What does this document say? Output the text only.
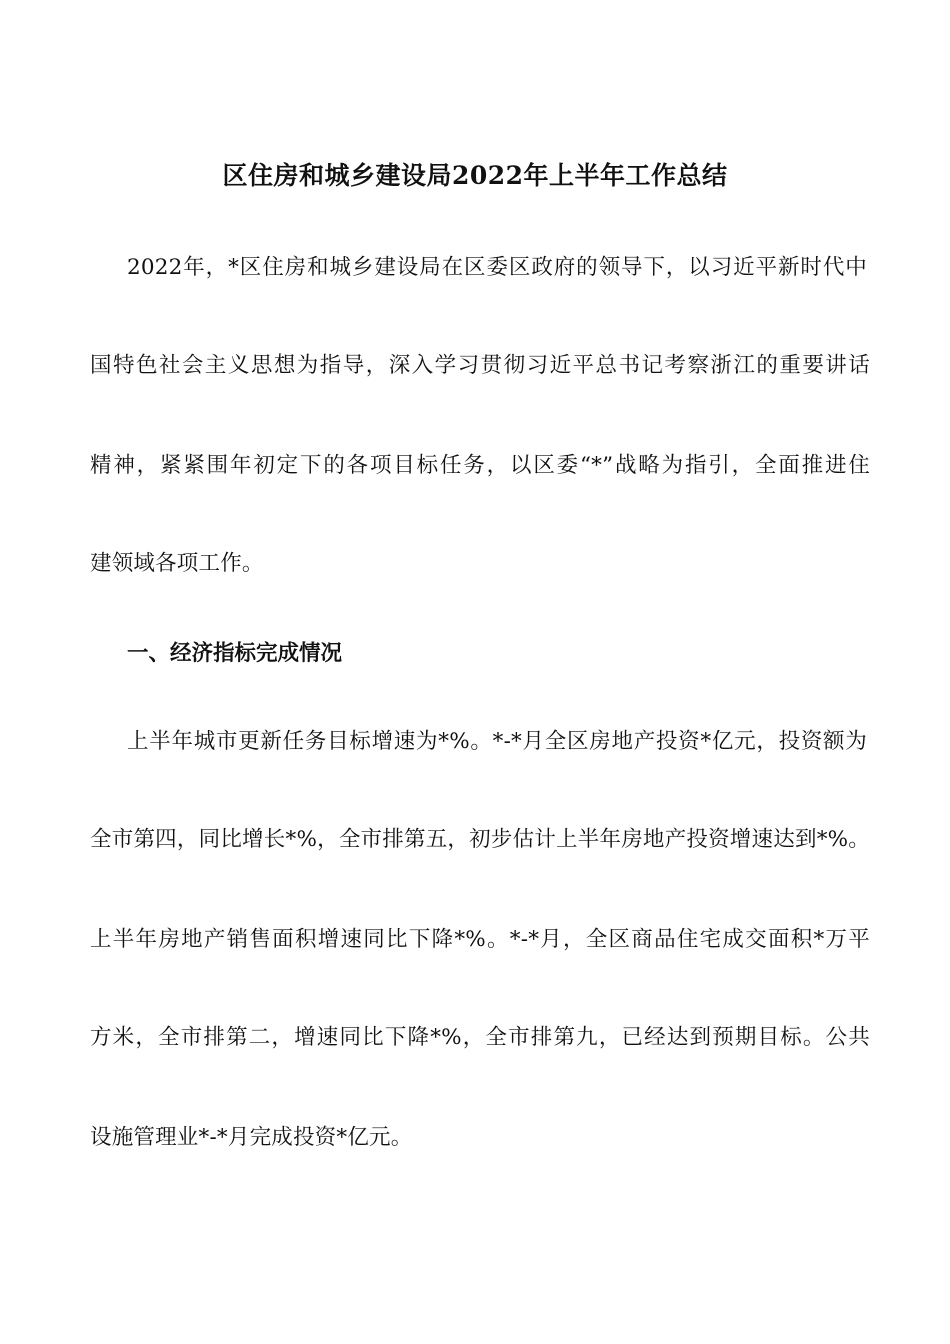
区住房和城乡建设局2022年上半年工作总结
2022年，*区住房和城乡建设局在区委区政府的领导下，以习近平新时代中
国特色社会主义思想为指导，深入学习贯彻习近平总书记考察浙江的重要讲话
精神，紧紧围年初定下的各项目标任务，以区委“*”战略为指引，全面推进住
建领域各项工作。
一、经济指标完成情况
上半年城市更新任务目标增速为*%。*-*月全区房地产投资*亿元，投资额为
全市第四，同比增长*%，全市排第五，初步估计上半年房地产投资增速达到*%。
上半年房地产销售面积增速同比下降*%。*-*月，全区商品住宅成交面积*万平
方米，全市排第二，增速同比下降*%，全市排第九，已经达到预期目标。公共
设施管理业*-*月完成投资*亿元。
